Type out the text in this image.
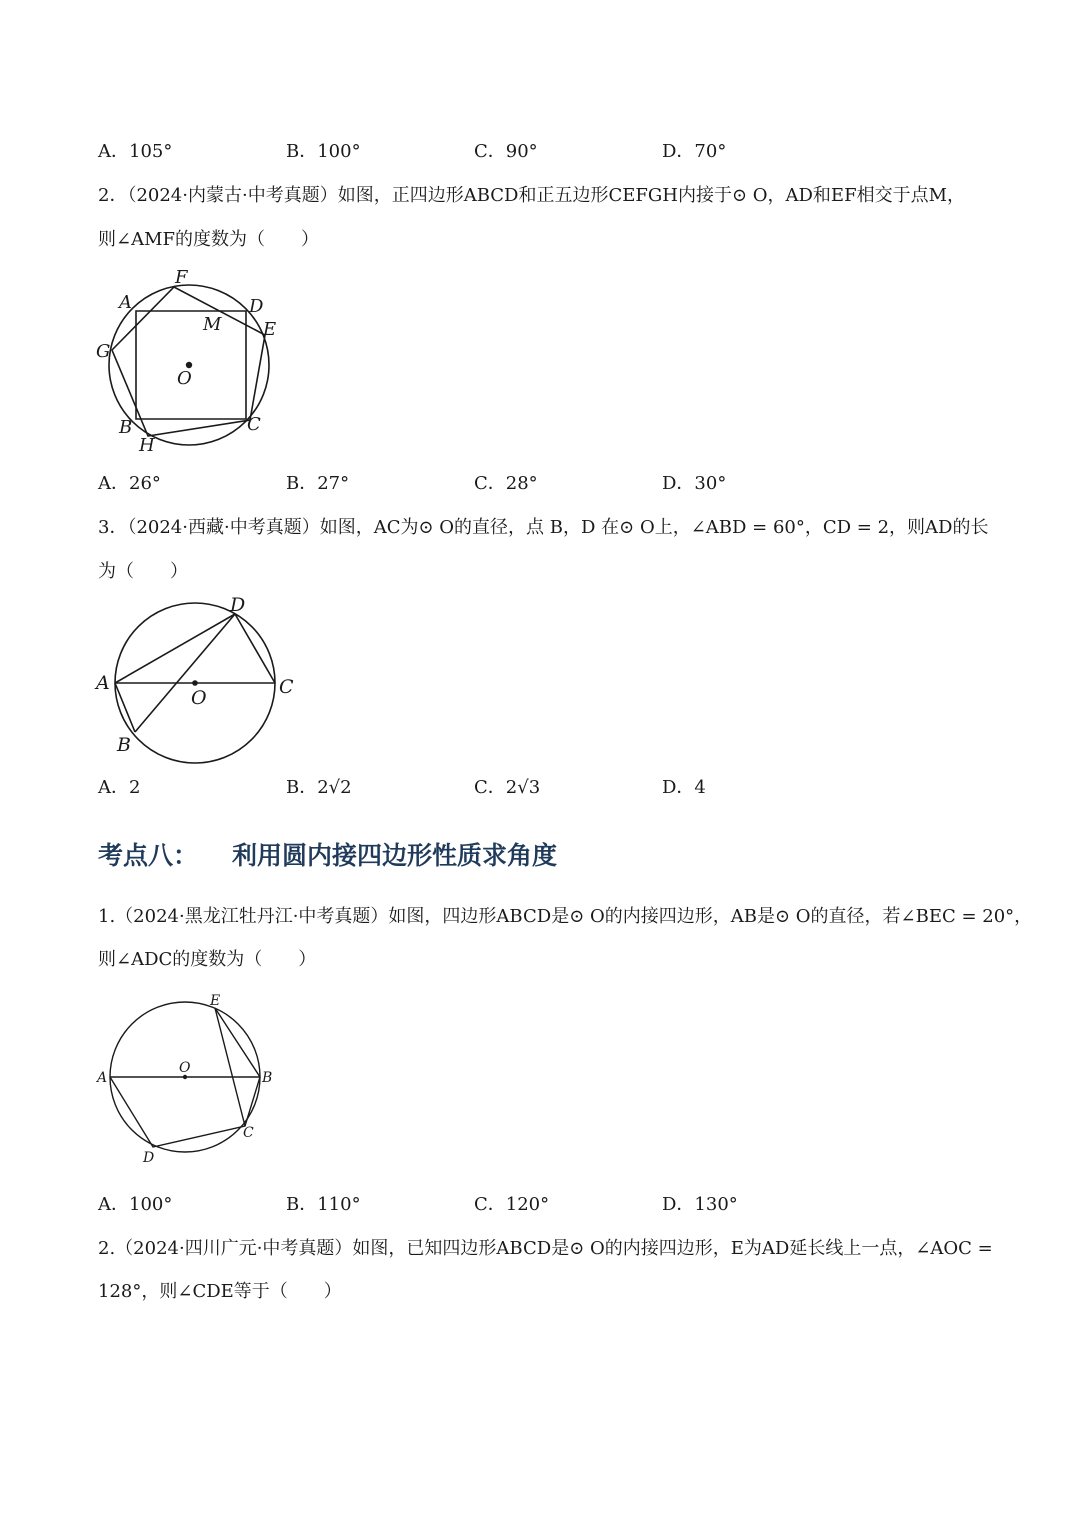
A．105°	B．100°	C．90°	D．70°
2．（2024·内蒙古·中考真题）如图，正四边形ABCD和正五边形CEFGH内接于⊙ O，AD和EF相交于点M，
则∠AMF的度数为（　　）
F
A	D
M E
G
O
B
H
C
A．26°	B．27°	C．28°	D．30°
3．（2024·西藏·中考真题）如图，AC为⊙ O的直径，点 B，D 在⊙ O上，∠ABD = 60°，CD = 2，则AD的长
为（　　）
D
A
O	C
B
A．2	B．2√2	C．2√3	D．4
考点八： 利用圆内接四边形性质求角度
1.（2024·黑龙江牡丹江·中考真题）如图，四边形ABCD是⊙ O的内接四边形，AB是⊙ O的直径，若∠BEC = 20°，
则∠ADC的度数为（　　）
E
O
A	B
C
D
A．100°	B．110°	C．120°	D．130°
2.（2024·四川广元·中考真题）如图，已知四边形ABCD是⊙ O的内接四边形，E为AD延长线上一点，∠AOC =
128°，则∠CDE等于（　　）
